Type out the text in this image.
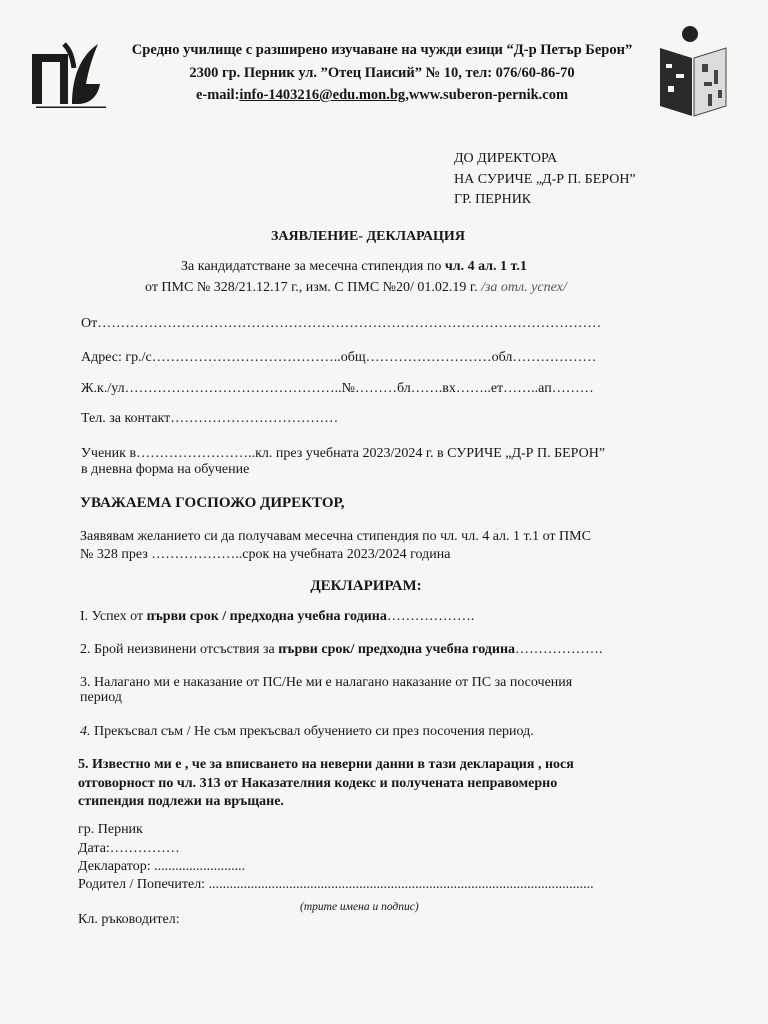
Средно училище с разширено изучаване на чужди езици “Д-р Петър Берон”
2300 гр. Перник ул. ”Отец Паисий” № 10, тел: 076/60-86-70
e-mail:info-1403216@edu.mon.bg,www.suberon-pernik.com
ДО ДИРЕКТОРА
НА СУРИЧЕ „Д-Р П. БЕРОН”
ГР. ПЕРНИК
ЗАЯВЛЕНИЕ- ДЕКЛАРАЦИЯ
За кандидатстване за месечна стипендия по чл. 4 ал. 1 т.1
от ПМС № 328/21.12.17 г., изм. С ПМС №20/ 01.02.19 г. /за отл. успех/
От………………………………………………………………………………………………
Адрес: гр./с…………………………………..общ………………………обл………………
Ж.к./ул………………………………………..№………бл…….вх……..ет……..ап………
Тел. за контакт………………………………
Ученик в……………………..кл. през учебната 2023/2024 г. в СУРИЧЕ „Д-Р П. БЕРОН”
в дневна форма на обучение
УВАЖАЕМА ГОСПОЖО ДИРЕКТОР,
Заявявам желанието си да получавам месечна стипендия по чл. чл. 4 ал. 1 т.1 от ПМС
№ 328 през ………………..срок на учебната 2023/2024 година
ДЕКЛАРИРАМ:
I. Успех от първи срок / предходна учебна година……………….
2. Брой неизвинени отсъствия за първи срок/ предходна учебна година……………….
3. Налагано ми е наказание от ПС/Не ми е налагано наказание от ПС за посочения
период
4. Прекъсвал съм / Не съм прекъсвал обучението си през посочения период.
5. Известно ми е , че за вписването на неверни данни в тази декларация , нося
отговорност по чл. 313 от Наказателния кодекс и получената неправомерно
стипендия подлежи на връщане.
гр. Перник
Дата:……………
Декларатор: ..........................
Родител / Попечител: ..............................................................................................................
(трите имена и подпис)
Кл. ръководител:
